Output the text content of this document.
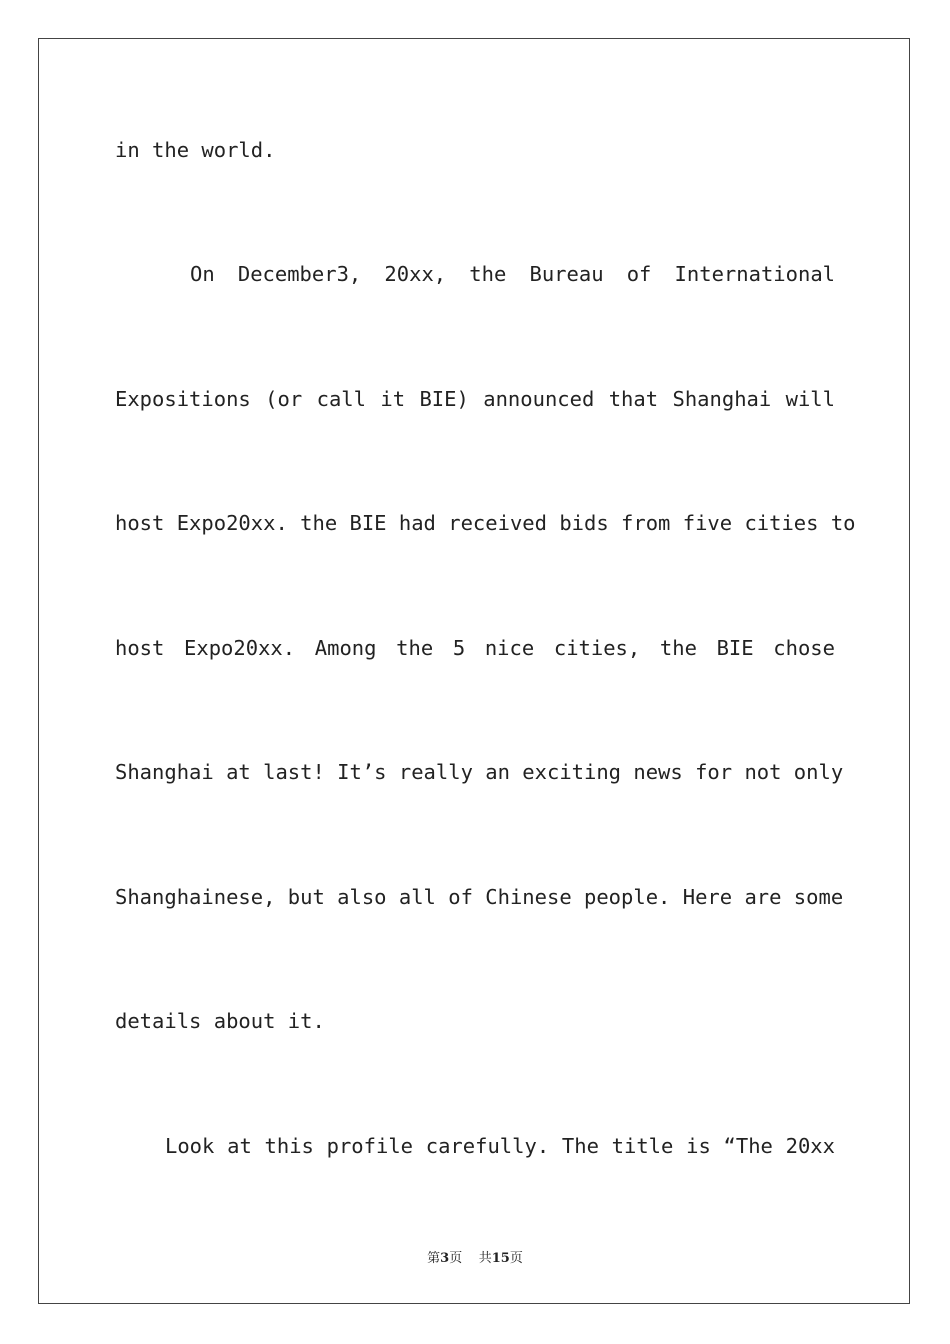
in the world.
On December3, 20xx, the Bureau of International
Expositions (or call it BIE) announced that Shanghai will
host Expo20xx. the BIE had received bids from five cities to
host Expo20xx. Among the 5 nice cities, the BIE chose
Shanghai at last! It’s really an exciting news for not only
Shanghainese, but also all of Chinese people. Here are some
details about it.
Look at this profile carefully. The title is “The 20xx
第3页 共15页
